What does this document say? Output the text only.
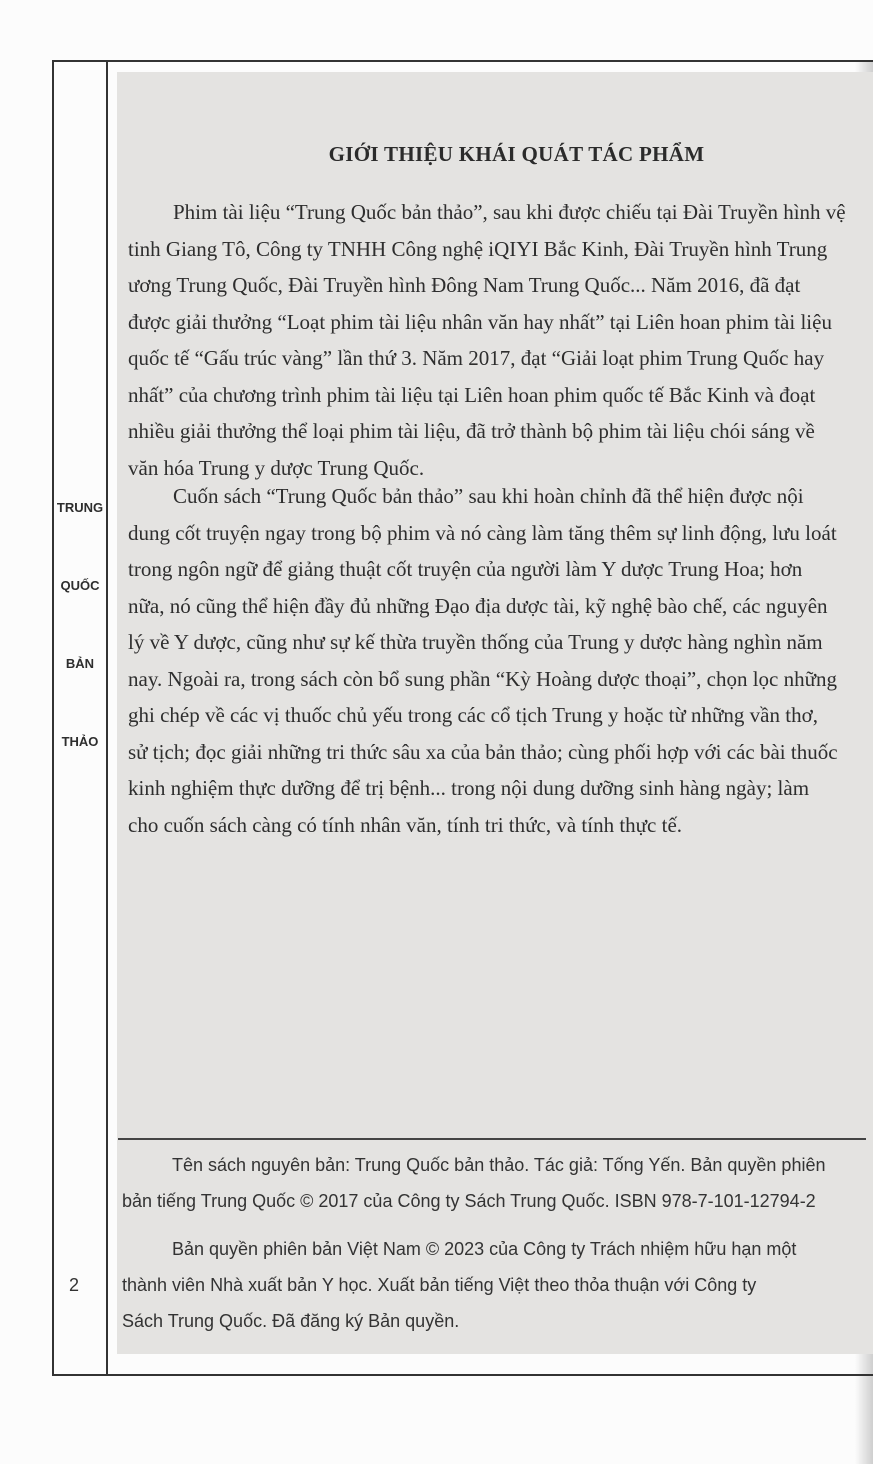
TRUNG
QUỐC
BẢN
THẢO
2
GIỚI THIỆU KHÁI QUÁT TÁC PHẨM
Phim tài liệu “Trung Quốc bản thảo”, sau khi được chiếu tại Đài Truyền hình vệ
tinh Giang Tô, Công ty TNHH Công nghệ iQIYI Bắc Kinh, Đài Truyền hình Trung
ương Trung Quốc, Đài Truyền hình Đông Nam Trung Quốc... Năm 2016, đã đạt
được giải thưởng “Loạt phim tài liệu nhân văn hay nhất” tại Liên hoan phim tài liệu
quốc tế “Gấu trúc vàng” lần thứ 3. Năm 2017, đạt “Giải loạt phim Trung Quốc hay
nhất” của chương trình phim tài liệu tại Liên hoan phim quốc tế Bắc Kinh và đoạt
nhiều giải thưởng thể loại phim tài liệu, đã trở thành bộ phim tài liệu chói sáng về
văn hóa Trung y dược Trung Quốc.
Cuốn sách “Trung Quốc bản thảo” sau khi hoàn chỉnh đã thể hiện được nội
dung cốt truyện ngay trong bộ phim và nó càng làm tăng thêm sự linh động, lưu loát
trong ngôn ngữ để giảng thuật cốt truyện của người làm Y dược Trung Hoa; hơn
nữa, nó cũng thể hiện đầy đủ những Đạo địa dược tài, kỹ nghệ bào chế, các nguyên
lý về Y dược, cũng như sự kế thừa truyền thống của Trung y dược hàng nghìn năm
nay. Ngoài ra, trong sách còn bổ sung phần “Kỳ Hoàng dược thoại”, chọn lọc những
ghi chép về các vị thuốc chủ yếu trong các cổ tịch Trung y hoặc từ những vần thơ,
sử tịch; đọc giải những tri thức sâu xa của bản thảo; cùng phối hợp với các bài thuốc
kinh nghiệm thực dưỡng để trị bệnh... trong nội dung dưỡng sinh hàng ngày; làm
cho cuốn sách càng có tính nhân văn, tính tri thức, và tính thực tế.
Tên sách nguyên bản: Trung Quốc bản thảo. Tác giả: Tống Yến. Bản quyền phiên
bản tiếng Trung Quốc © 2017 của Công ty Sách Trung Quốc. ISBN 978-7-101-12794-2
Bản quyền phiên bản Việt Nam © 2023 của Công ty Trách nhiệm hữu hạn một
thành viên Nhà xuất bản Y học. Xuất bản tiếng Việt theo thỏa thuận với Công ty
Sách Trung Quốc. Đã đăng ký Bản quyền.
